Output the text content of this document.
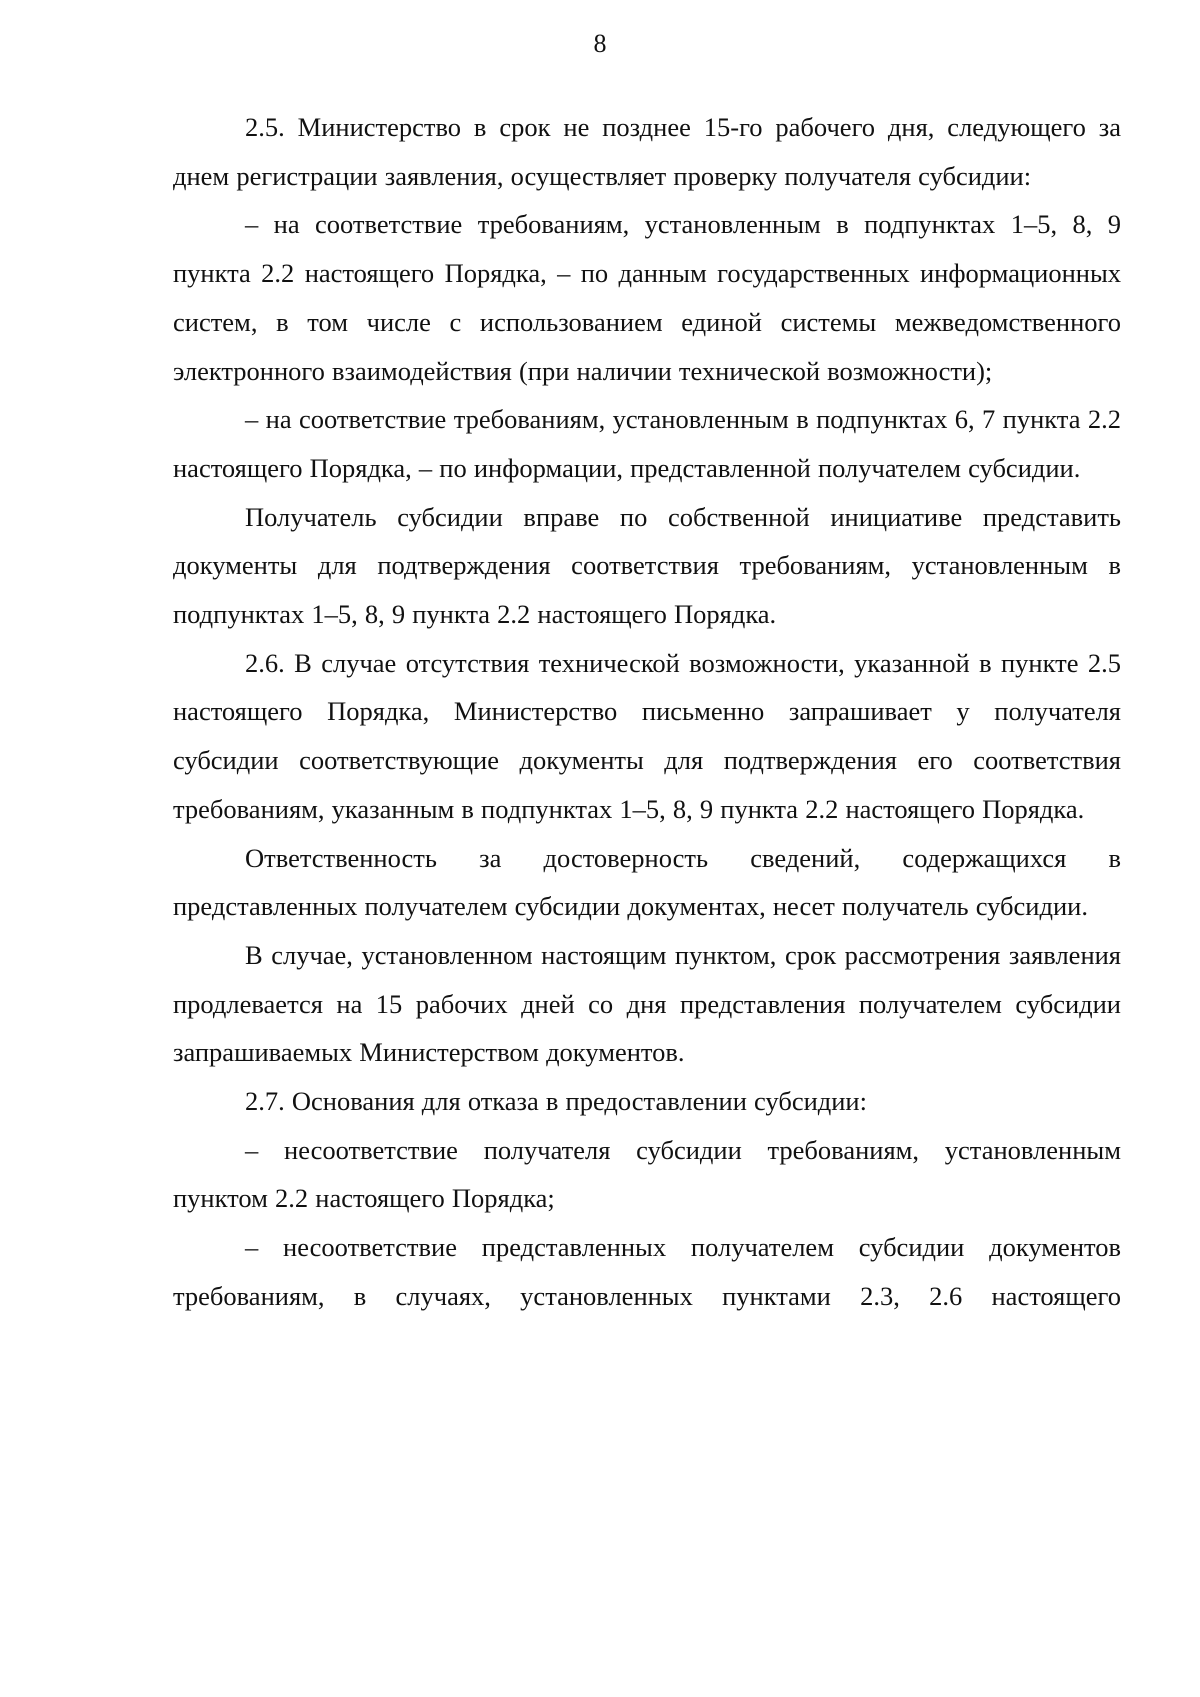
8

2.5. Министерство в срок не позднее 15-го рабочего дня, следующего за днем регистрации заявления, осуществляет проверку получателя субсидии:

– на соответствие требованиям, установленным в подпунктах 1–5, 8, 9 пункта 2.2 настоящего Порядка, – по данным государственных информационных систем, в том числе с использованием единой системы межведомственного электронного взаимодействия (при наличии технической возможности);

– на соответствие требованиям, установленным в подпунктах 6, 7 пункта 2.2 настоящего Порядка, – по информации, представленной получателем субсидии.

Получатель субсидии вправе по собственной инициативе представить документы для подтверждения соответствия требованиям, установленным в подпунктах 1–5, 8, 9 пункта 2.2 настоящего Порядка.

2.6. В случае отсутствия технической возможности, указанной в пункте 2.5 настоящего Порядка, Министерство письменно запрашивает у получателя субсидии соответствующие документы для подтверждения его соответствия требованиям, указанным в подпунктах 1–5, 8, 9 пункта 2.2 настоящего Порядка.

Ответственность за достоверность сведений, содержащихся в представленных получателем субсидии документах, несет получатель субсидии.

В случае, установленном настоящим пунктом, срок рассмотрения заявления продлевается на 15 рабочих дней со дня представления получателем субсидии запрашиваемых Министерством документов.

2.7. Основания для отказа в предоставлении субсидии:

– несоответствие получателя субсидии требованиям, установленным пунктом 2.2 настоящего Порядка;

– несоответствие представленных получателем субсидии документов требованиям, в случаях, установленных пунктами 2.3, 2.6 настоящего
